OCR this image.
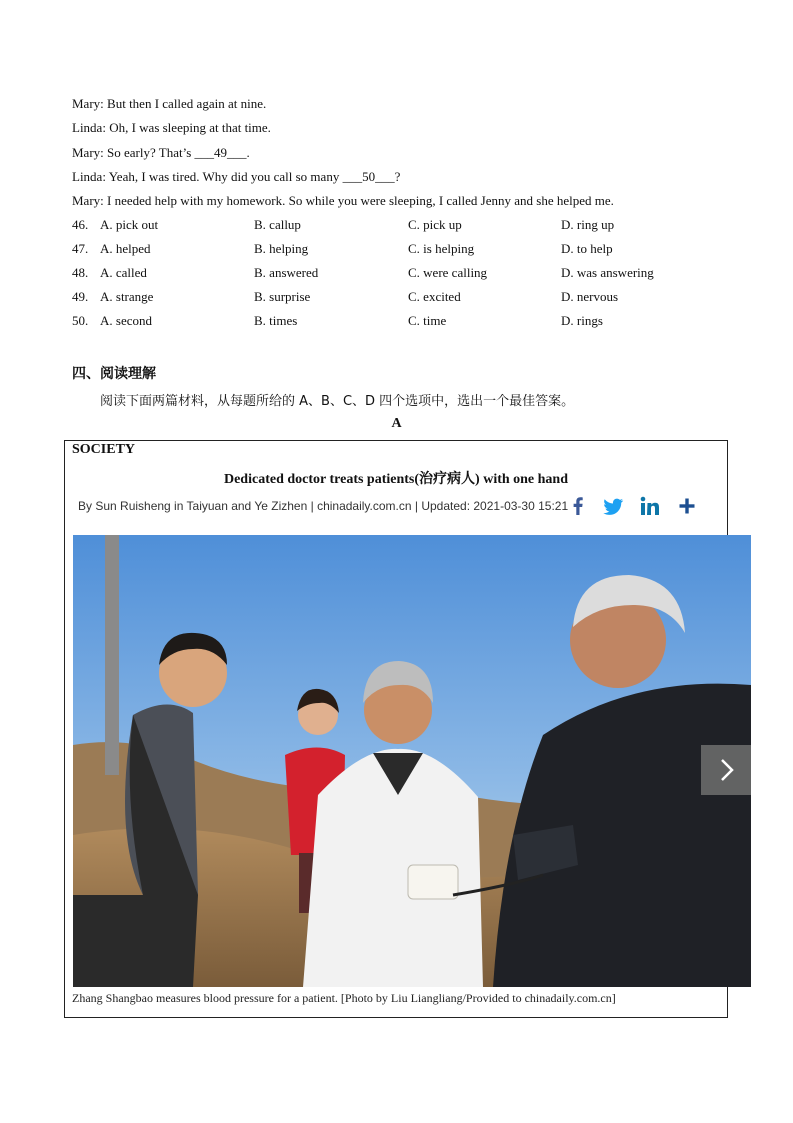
Mary: But then I called again at nine.
Linda: Oh, I was sleeping at that time.
Mary: So early? That’s ___49___.
Linda: Yeah, I was tired. Why did you call so many ___50___?
Mary: I needed help with my homework. So while you were sleeping, I called Jenny and she helped me.
46. A. pick out	B. callup	C. pick up	D. ring up
47. A. helped	B. helping	C. is helping	D. to help
48. A. called	B. answered	C. were calling	D. was answering
49. A. strange	B. surprise	C. excited	D. nervous
50. A. second	B. times	C. time	D. rings
四、阅读理解
阅读下面两篇材料，从每题所给的 A、B、C、D 四个选项中，选出一个最佳答案。
A
SOCIETY
Dedicated doctor treats patients(治疗病人) with one hand
By Sun Ruisheng in Taiyuan and Ye Zizhen | chinadaily.com.cn | Updated: 2021-03-30 15:21
Zhang Shangbao measures blood pressure for a patient. [Photo by Liu Liangliang/Provided to chinadaily.com.cn]
